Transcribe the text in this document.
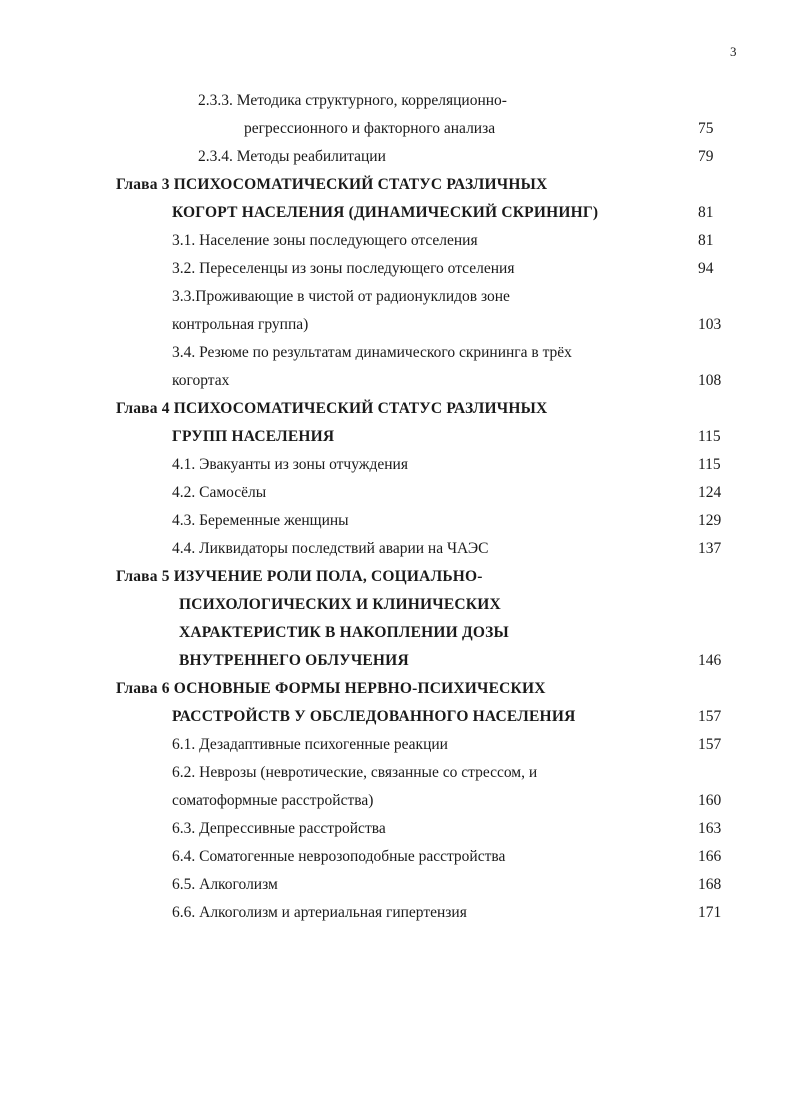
3
2.3.3. Методика структурного, корреляционно-
регрессионного и факторного анализа	75
2.3.4. Методы реабилитации	79
Глава 3 ПСИХОСОМАТИЧЕСКИЙ СТАТУС РАЗЛИЧНЫХ
КОГОРТ НАСЕЛЕНИЯ (ДИНАМИЧЕСКИЙ СКРИНИНГ)	81
3.1. Население зоны последующего отселения	81
3.2. Переселенцы из зоны последующего отселения	94
3.3.Проживающие в чистой от радионуклидов зоне
контрольная группа)	103
3.4. Резюме по результатам динамического скрининга в трёх
когортах	108
Глава 4 ПСИХОСОМАТИЧЕСКИЙ СТАТУС РАЗЛИЧНЫХ
ГРУПП НАСЕЛЕНИЯ	115
4.1. Эвакуанты из зоны отчуждения	115
4.2. Самосёлы	124
4.3. Беременные женщины	129
4.4. Ликвидаторы последствий аварии на ЧАЭС	137
Глава 5 ИЗУЧЕНИЕ РОЛИ ПОЛА, СОЦИАЛЬНО-
ПСИХОЛОГИЧЕСКИХ И КЛИНИЧЕСКИХ
ХАРАКТЕРИСТИК В НАКОПЛЕНИИ ДОЗЫ
ВНУТРЕННЕГО ОБЛУЧЕНИЯ	146
Глава 6 ОСНОВНЫЕ ФОРМЫ НЕРВНО-ПСИХИЧЕСКИХ
РАССТРОЙСТВ У ОБСЛЕДОВАННОГО НАСЕЛЕНИЯ	157
6.1. Дезадаптивные психогенные реакции	157
6.2. Неврозы (невротические, связанные со стрессом, и
соматоформные расстройства)	160
6.3. Депрессивные расстройства	163
6.4. Соматогенные неврозоподобные расстройства	166
6.5. Алкоголизм	168
6.6. Алкоголизм и артериальная гипертензия	171
